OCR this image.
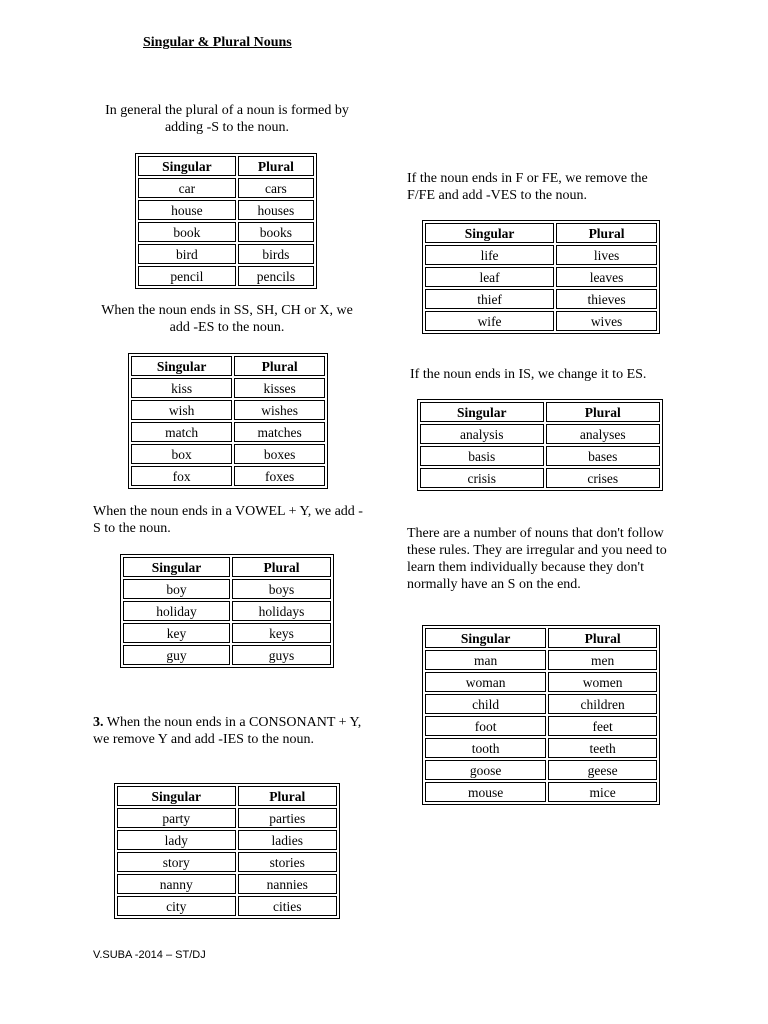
Singular & Plural Nouns
In general the plural of a noun is formed by adding -S to the noun.
Singular	Plural
car	cars
house	houses
book	books
bird	birds
pencil	pencils
When the noun ends in SS, SH, CH or X, we add -ES to the noun.
Singular	Plural
kiss	kisses
wish	wishes
match	matches
box	boxes
fox	foxes
When the noun ends in a VOWEL + Y, we add -S to the noun.
Singular	Plural
boy	boys
holiday	holidays
key	keys
guy	guys
3. When the noun ends in a CONSONANT + Y, we remove Y and add -IES to the noun.
Singular	Plural
party	parties
lady	ladies
story	stories
nanny	nannies
city	cities
If the noun ends in F or FE, we remove the F/FE and add -VES to the noun.
Singular	Plural
life	lives
leaf	leaves
thief	thieves
wife	wives
If the noun ends in IS, we change it to ES.
Singular	Plural
analysis	analyses
basis	bases
crisis	crises
There are a number of nouns that don't follow these rules. They are irregular and you need to learn them individually because they don't normally have an S on the end.
Singular	Plural
man	men
woman	women
child	children
foot	feet
tooth	teeth
goose	geese
mouse	mice
V.SUBA -2014 – ST/DJ
